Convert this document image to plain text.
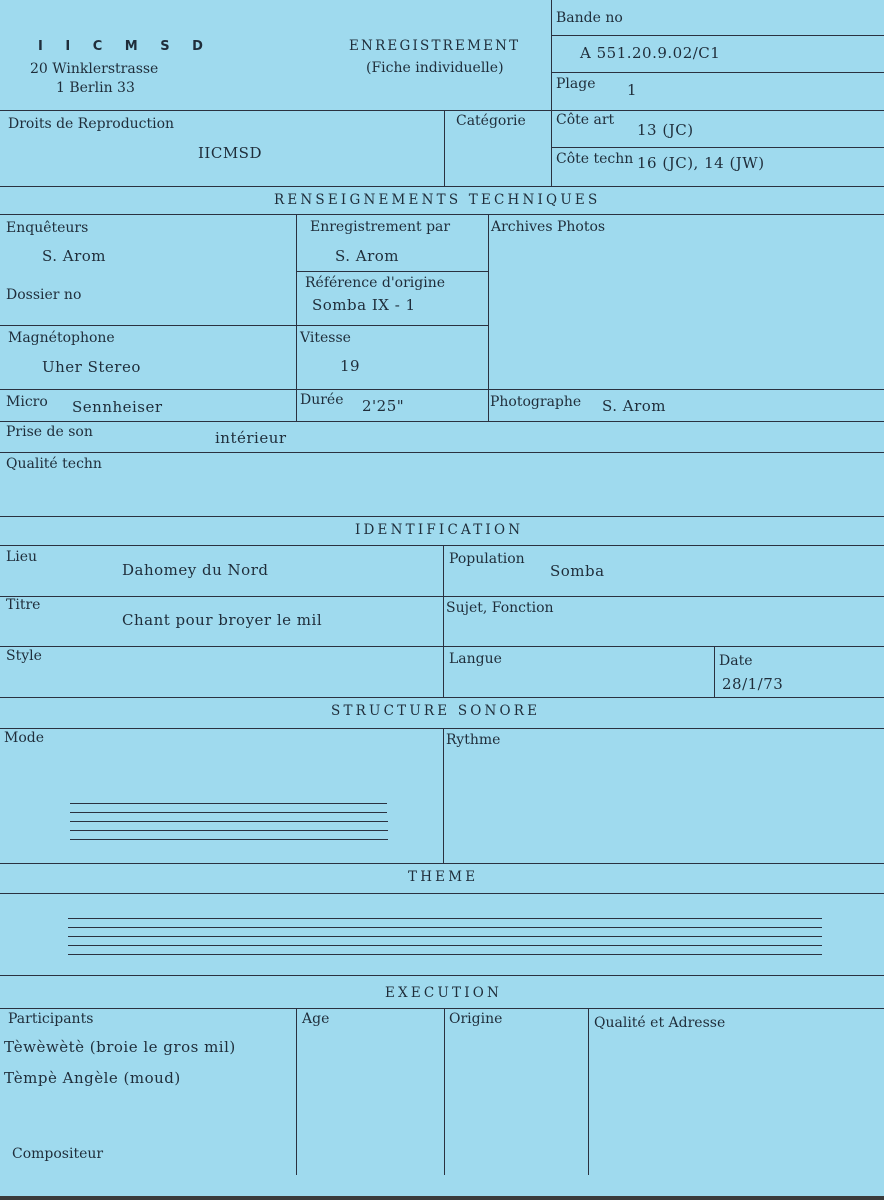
I I C M S D
20 Winklerstrasse
1 Berlin 33
ENREGISTREMENT
(Fiche individuelle)
Bande no
A 551.20.9.02/C1
Plage 1
Droits de Reproduction
IICMSD
Catégorie Côte art
13 (JC)
Côte techn 16 (JC), 14 (JW)
RENSEIGNEMENTS TECHNIQUES
Enquêteurs
S. Arom
Enregistrement par
S. Arom
Archives Photos
Dossier no
Référence d'origine
Somba IX - 1
Magnétophone
Uher Stereo
Vitesse
19
Micro Sennheiser	Durée 2'25"	Photographe S. Arom
Prise de son	intérieur
Qualité techn
IDENTIFICATION
Lieu
Dahomey du Nord
Population
Somba
Titre
Chant pour broyer le mil
Sujet, Fonction
Style	Langue	Date
28/1/73
STRUCTURE SONORE
Mode	Rythme
THEME
EXECUTION
Participants	Age	Origine	Qualité et Adresse
Tèwèwètè (broie le gros mil)
Tèmpè Angèle (moud)
Compositeur
